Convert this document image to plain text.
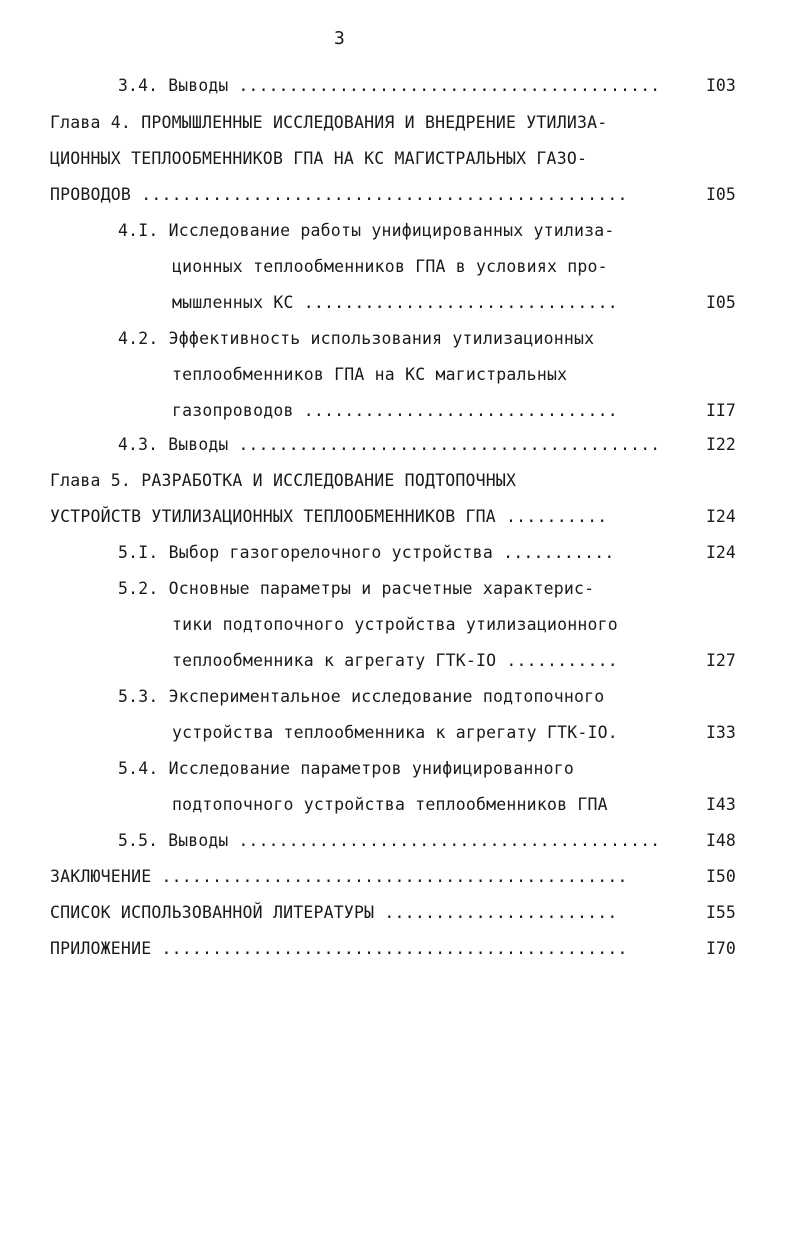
3
3.4. Выводы ..........................................	I03
Глава 4. ПРОМЫШЛЕННЫЕ ИССЛЕДОВАНИЯ И ВНЕДРЕНИЕ УТИЛИЗА-
ЦИОННЫХ ТЕПЛООБМЕННИКОВ ГПА НА КС МАГИСТРАЛЬНЫХ ГАЗО-
ПРОВОДОВ ................................................	I05
4.I. Исследование работы унифицированных утилиза-
ционных теплообменников ГПА в условиях про-
мышленных КС ...............................	I05
4.2. Эффективность использования утилизационных
теплообменников ГПА на КС магистральных
газопроводов ...............................	II7
4.3. Выводы ..........................................	I22
Глава 5. РАЗРАБОТКА И ИССЛЕДОВАНИЕ ПОДТОПОЧНЫХ
УСТРОЙСТВ УТИЛИЗАЦИОННЫХ ТЕПЛООБМЕННИКОВ ГПА ..........	I24
5.I. Выбор газогорелочного устройства ...........	I24
5.2. Основные параметры и расчетные характерис-
тики подтопочного устройства утилизационного
теплообменника к агрегату ГТК-IO ...........	I27
5.3. Экспериментальное исследование подтопочного
устройства теплообменника к агрегату ГТК-IO.	I33
5.4. Исследование параметров унифицированного
подтопочного устройства теплообменников ГПА	I43
5.5. Выводы ..........................................	I48
ЗАКЛЮЧЕНИЕ ..............................................	I50
СПИСОК ИСПОЛЬЗОВАННОЙ ЛИТЕРАТУРЫ .......................	I55
ПРИЛОЖЕНИЕ ..............................................	I70
